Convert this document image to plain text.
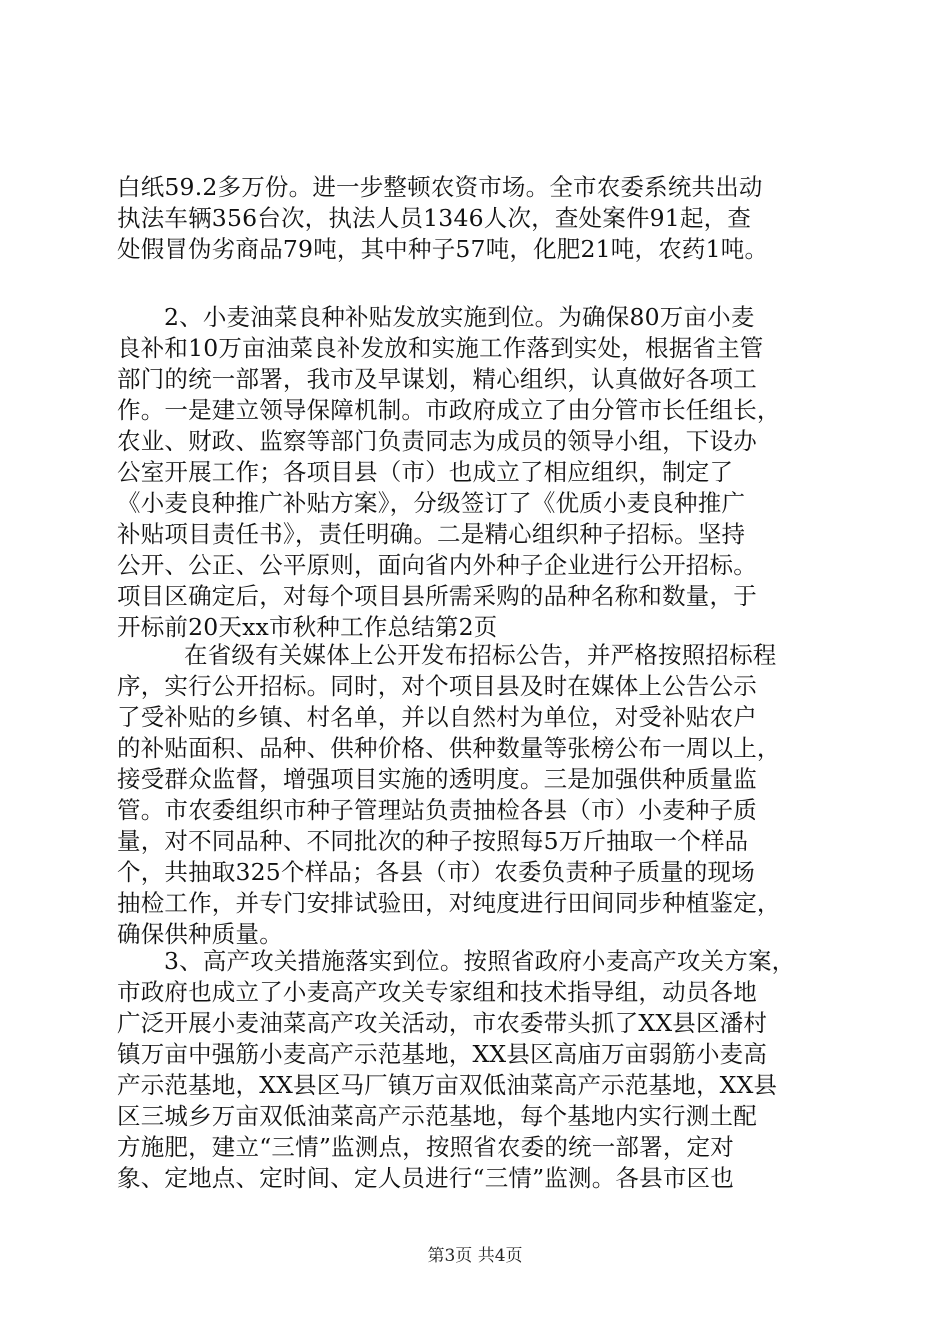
白纸59.2多万份。进一步整顿农资市场。全市农委系统共出动
执法车辆356台次，执法人员1346人次，查处案件91起，查
处假冒伪劣商品79吨，其中种子57吨，化肥21吨，农药1吨。
2、小麦油菜良种补贴发放实施到位。为确保80万亩小麦
良补和10万亩油菜良补发放和实施工作落到实处，根据省主管
部门的统一部署，我市及早谋划，精心组织，认真做好各项工
作。一是建立领导保障机制。市政府成立了由分管市长任组长，
农业、财政、监察等部门负责同志为成员的领导小组，下设办
公室开展工作；各项目县（市）也成立了相应组织，制定了
《小麦良种推广补贴方案》，分级签订了《优质小麦良种推广
补贴项目责任书》，责任明确。二是精心组织种子招标。坚持
公开、公正、公平原则，面向省内外种子企业进行公开招标。
项目区确定后，对每个项目县所需采购的品种名称和数量，于
开标前20天xx市秋种工作总结第2页
在省级有关媒体上公开发布招标公告，并严格按照招标程
序，实行公开招标。同时，对个项目县及时在媒体上公告公示
了受补贴的乡镇、村名单，并以自然村为单位，对受补贴农户
的补贴面积、品种、供种价格、供种数量等张榜公布一周以上，
接受群众监督，增强项目实施的透明度。三是加强供种质量监
管。市农委组织市种子管理站负责抽检各县（市）小麦种子质
量，对不同品种、不同批次的种子按照每5万斤抽取一个样品
个，共抽取325个样品；各县（市）农委负责种子质量的现场
抽检工作，并专门安排试验田，对纯度进行田间同步种植鉴定，
确保供种质量。
3、高产攻关措施落实到位。按照省政府小麦高产攻关方案，
市政府也成立了小麦高产攻关专家组和技术指导组，动员各地
广泛开展小麦油菜高产攻关活动，市农委带头抓了XX县区潘村
镇万亩中强筋小麦高产示范基地，XX县区高庙万亩弱筋小麦高
产示范基地，XX县区马厂镇万亩双低油菜高产示范基地，XX县
区三城乡万亩双低油菜高产示范基地，每个基地内实行测土配
方施肥，建立“三情”监测点，按照省农委的统一部署，定对
象、定地点、定时间、定人员进行“三情”监测。各县市区也
第3页 共4页
